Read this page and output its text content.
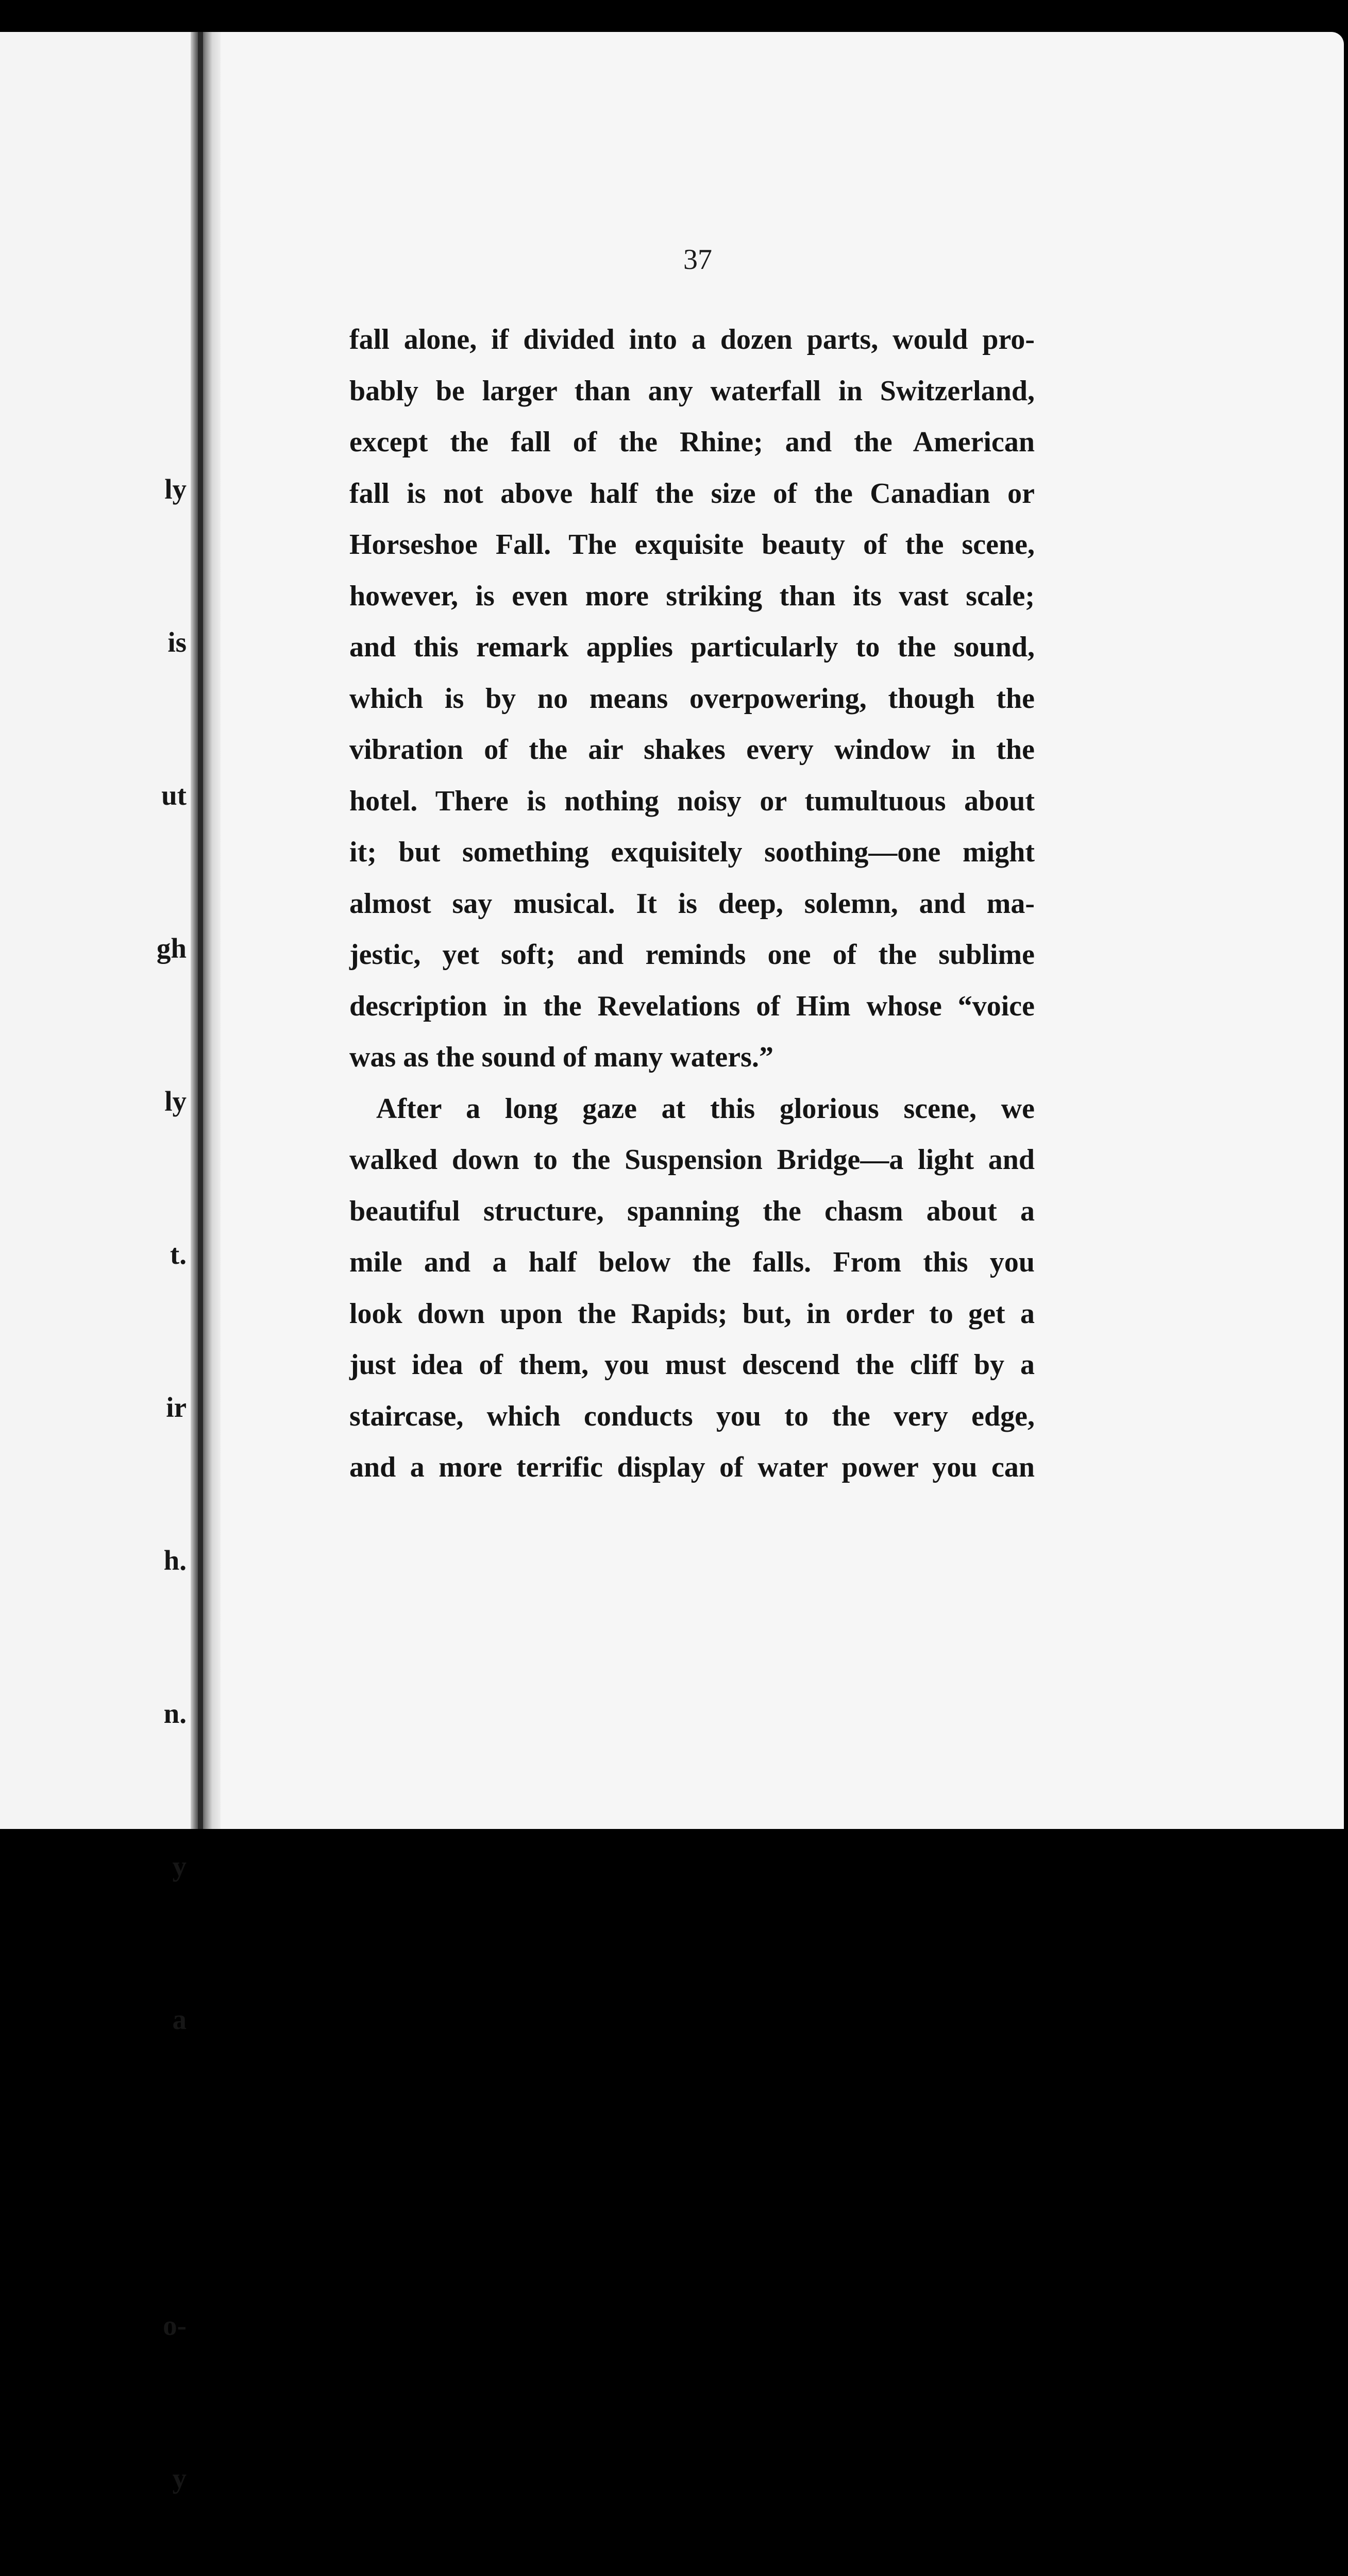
ly

is

ut

gh

ly

t.

ir

h.

n.

y

a

o-

y

37
fall alone, if divided into a dozen parts, would pro-
bably be larger than any waterfall in Switzerland,
except the fall of the Rhine; and the American
fall is not above half the size of the Canadian or
Horseshoe Fall. The exquisite beauty of the scene,
however, is even more striking than its vast scale;
and this remark applies particularly to the sound,
which is by no means overpowering, though the
vibration of the air shakes every window in the
hotel. There is nothing noisy or tumultuous about
it; but something exquisitely soothing—one might
almost say musical. It is deep, solemn, and ma-
jestic, yet soft; and reminds one of the sublime
description in the Revelations of Him whose “voice
was as the sound of many waters.”
After a long gaze at this glorious scene, we
walked down to the Suspension Bridge—a light and
beautiful structure, spanning the chasm about a
mile and a half below the falls. From this you
look down upon the Rapids; but, in order to get a
just idea of them, you must descend the cliff by a
staircase, which conducts you to the very edge,
and a more terrific display of water power you can
